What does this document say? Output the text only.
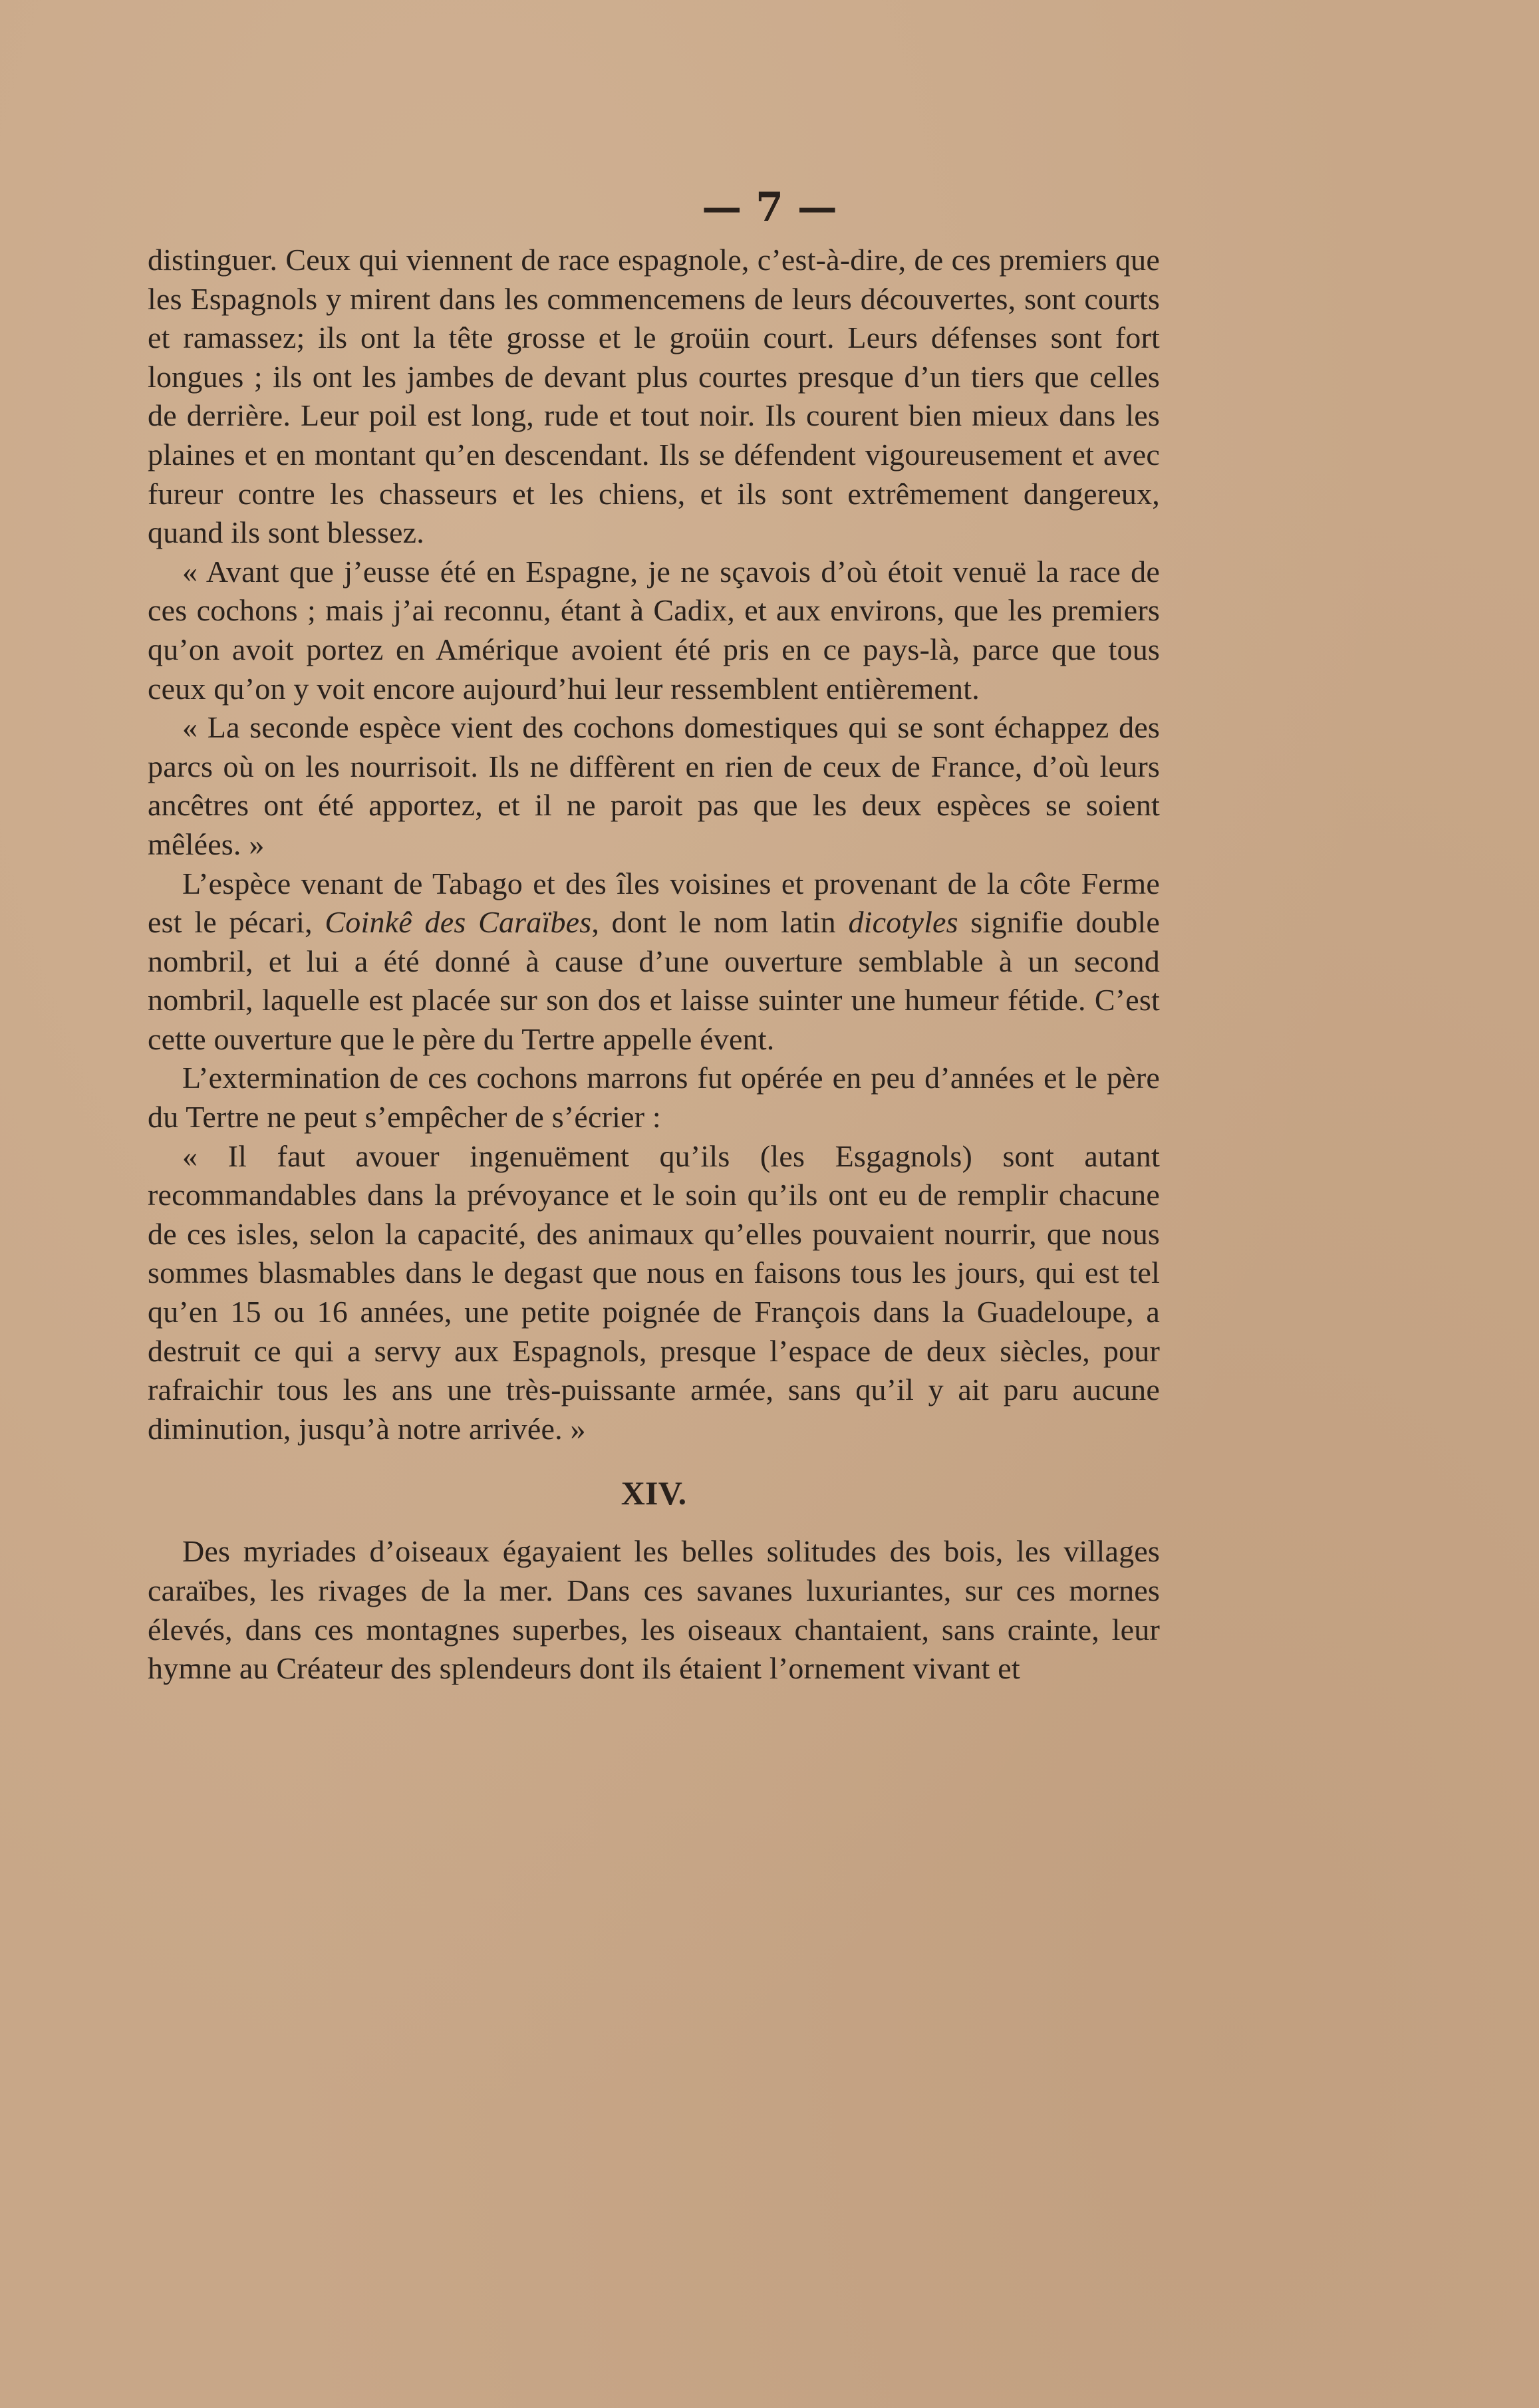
— 7 —

distinguer. Ceux qui viennent de race espagnole, c’est-à-dire, de ces premiers que les Espagnols y mirent dans les commencemens de leurs découvertes, sont courts et ramassez; ils ont la tête grosse et le groüin court. Leurs défenses sont fort longues ; ils ont les jambes de devant plus courtes presque d’un tiers que celles de derrière. Leur poil est long, rude et tout noir. Ils courent bien mieux dans les plaines et en montant qu’en descendant. Ils se défendent vigoureusement et avec fureur contre les chasseurs et les chiens, et ils sont extrêmement dangereux, quand ils sont blessez.

« Avant que j’eusse été en Espagne, je ne sçavois d’où étoit venuë la race de ces cochons ; mais j’ai reconnu, étant à Cadix, et aux environs, que les premiers qu’on avoit portez en Amérique avoient été pris en ce pays-là, parce que tous ceux qu’on y voit encore aujourd’hui leur ressemblent entièrement.

« La seconde espèce vient des cochons domestiques qui se sont échappez des parcs où on les nourrisoit. Ils ne diffèrent en rien de ceux de France, d’où leurs ancêtres ont été apportez, et il ne paroit pas que les deux espèces se soient mêlées. »

L’espèce venant de Tabago et des îles voisines et provenant de la côte Ferme est le pécari, Coinkê des Caraïbes, dont le nom latin dicotyles signifie double nombril, et lui a été donné à cause d’une ouverture semblable à un second nombril, laquelle est placée sur son dos et laisse suinter une humeur fétide. C’est cette ouverture que le père du Tertre appelle évent.

L’extermination de ces cochons marrons fut opérée en peu d’années et le père du Tertre ne peut s’empêcher de s’écrier :

« Il faut avouer ingenuëment qu’ils (les Esgagnols) sont autant recommandables dans la prévoyance et le soin qu’ils ont eu de remplir chacune de ces isles, selon la capacité, des animaux qu’elles pouvaient nourrir, que nous sommes blasmables dans le degast que nous en faisons tous les jours, qui est tel qu’en 15 ou 16 années, une petite poignée de François dans la Guadeloupe, a destruit ce qui a servy aux Espagnols, presque l’espace de deux siècles, pour rafraichir tous les ans une très-puissante armée, sans qu’il y ait paru aucune diminution, jusqu’à notre arrivée. »

XIV.

Des myriades d’oiseaux égayaient les belles solitudes des bois, les villages caraïbes, les rivages de la mer. Dans ces savanes luxuriantes, sur ces mornes élevés, dans ces montagnes superbes, les oiseaux chantaient, sans crainte, leur hymne au Créateur des splendeurs dont ils étaient l’ornement vivant et
